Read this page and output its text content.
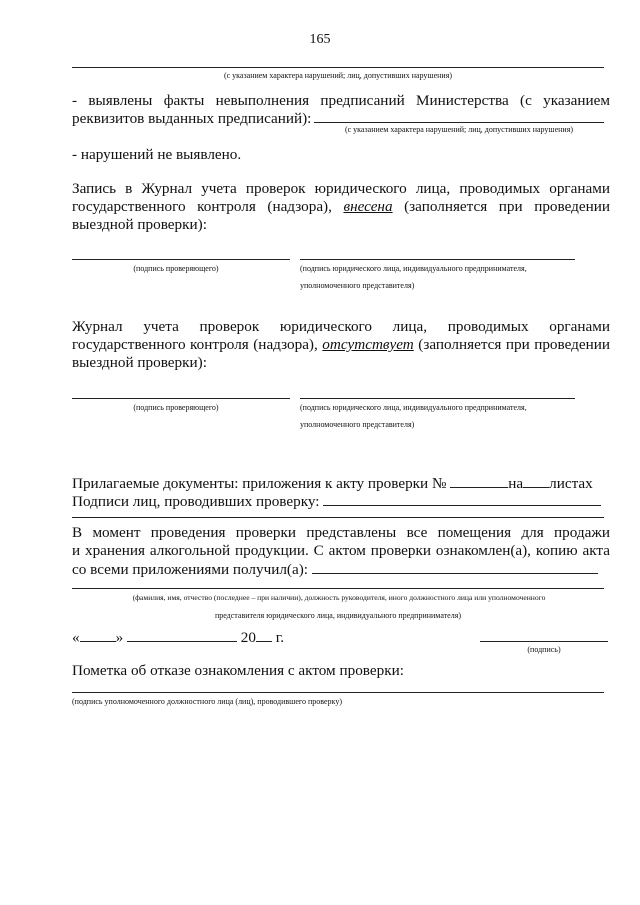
165
(с указанием характера нарушений; лиц, допустивших нарушения)
- выявлены факты невыполнения предписаний Министерства (с указанием
реквизитов выданных предписаний):
(с указанием характера нарушений; лиц, допустивших нарушения)
- нарушений не выявлено.
Запись в Журнал учета проверок юридического лица, проводимых органами
государственного контроля (надзора), внесена (заполняется при проведении
выездной проверки):
(подпись проверяющего)	(подпись юридического лица, индивидуального предпринимателя,
уполномоченного представителя)
Журнал учета проверок юридического лица, проводимых органами
государственного контроля (надзора), отсутствует (заполняется при проведении
выездной проверки):
(подпись проверяющего)	(подпись юридического лица, индивидуального предпринимателя,
уполномоченного представителя)
Прилагаемые документы: приложения к акту проверки №	на листах
Подписи лиц, проводивших проверку:
В момент проведения проверки представлены все помещения для продажи
и хранения алкогольной продукции. С актом проверки ознакомлен(а), копию акта
со всеми приложениями получил(а):
(фамилия, имя, отчество (последнее – при наличии), должность руководителя, иного должностного лица или уполномоченного
представителя юридического лица, индивидуального предпринимателя)
« »	20 г.
(подпись)
Пометка об отказе ознакомления с актом проверки:
(подпись уполномоченного должностного лица (лиц), проводившего проверку)
